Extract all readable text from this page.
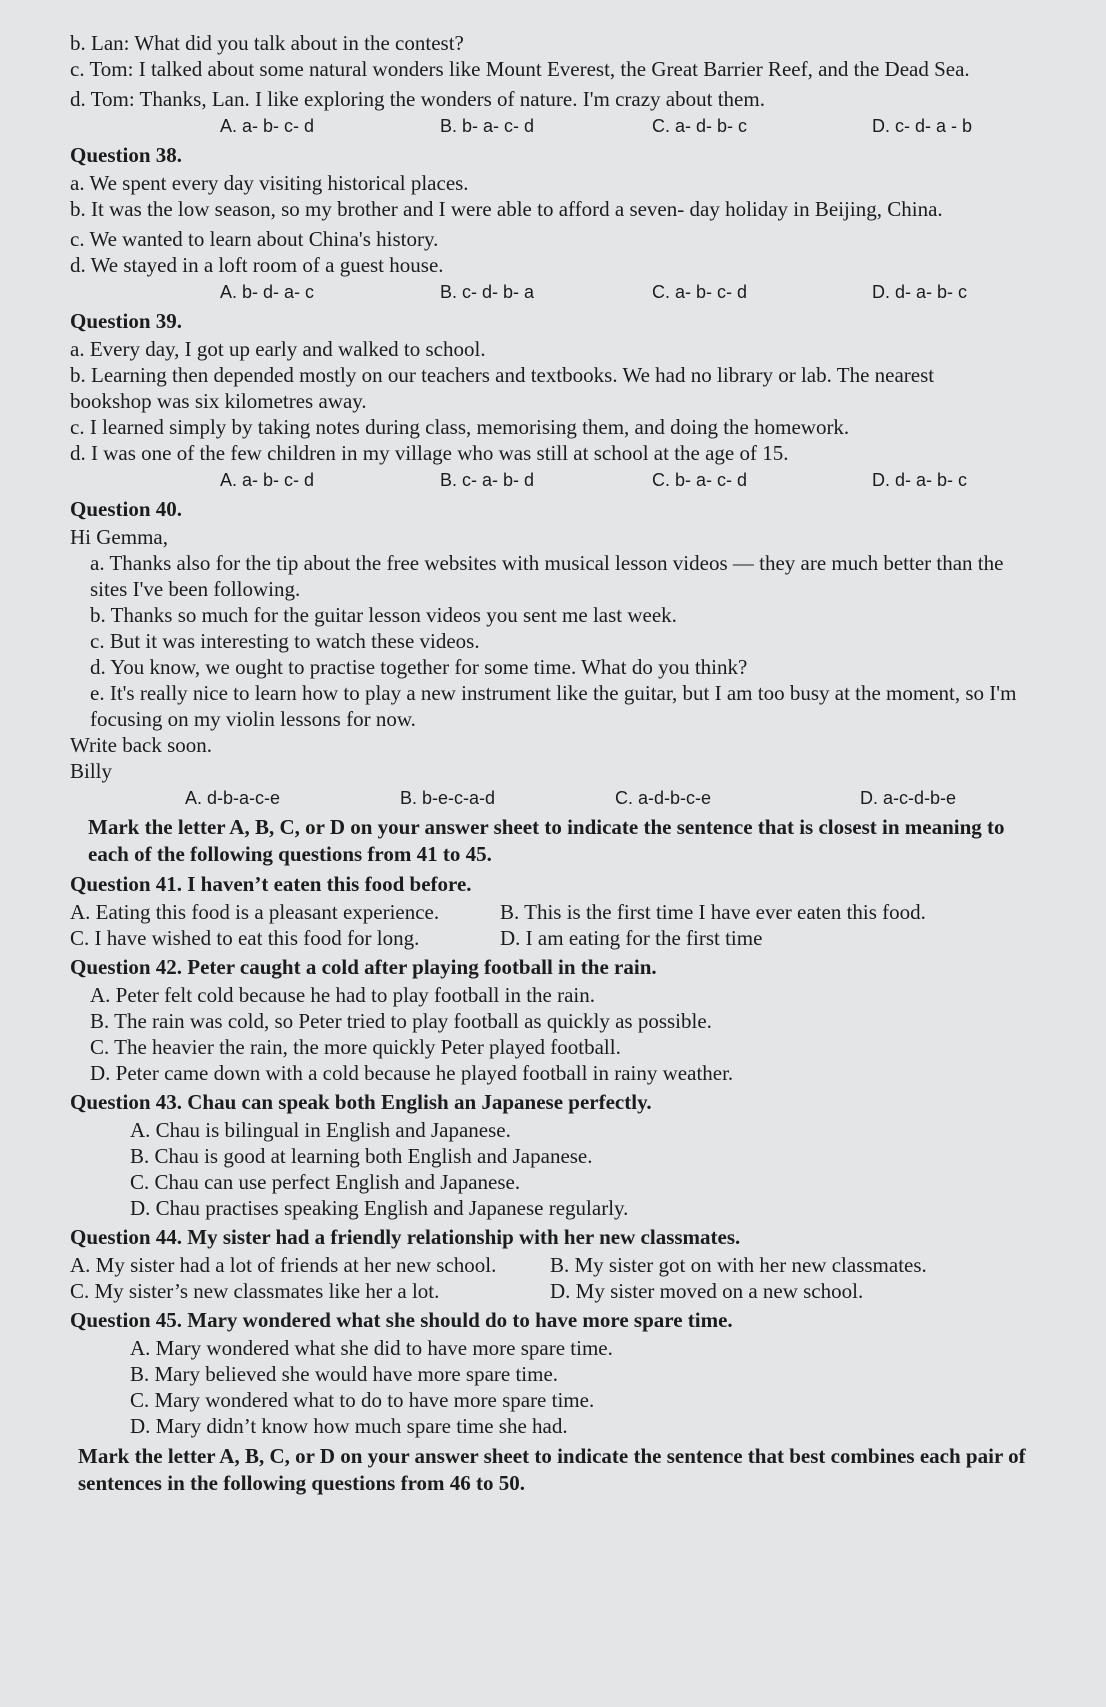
b. Lan: What did you talk about in the contest?

c. Tom: I talked about some natural wonders like Mount Everest, the Great Barrier Reef, and the Dead Sea.

d. Tom: Thanks, Lan. I like exploring the wonders of nature. I'm crazy about them.

A. a- b- c- d	B. b- a- c- d	C. a- d- b- c	D. c- d- a - b

Question 38.

a. We spent every day visiting historical places.

b. It was the low season, so my brother and I were able to afford a seven- day holiday in Beijing, China.

c. We wanted to learn about China's history.

d. We stayed in a loft room of a guest house.

A. b- d- a- c	B. c- d- b- a	C. a- b- c- d	D. d- a- b- c

Question 39.

a. Every day, I got up early and walked to school.

b. Learning then depended mostly on our teachers and textbooks. We had no library or lab. The nearest bookshop was six kilometres away.

c. I learned simply by taking notes during class, memorising them, and doing the homework.

d. I was one of the few children in my village who was still at school at the age of 15.

A. a- b- c- d	B. c- a- b- d	C. b- a- c- d	D. d- a- b- c

Question 40.

Hi Gemma,

a. Thanks also for the tip about the free websites with musical lesson videos — they are much better than the sites I've been following.

b. Thanks so much for the guitar lesson videos you sent me last week.

c. But it was interesting to watch these videos.

d. You know, we ought to practise together for some time. What do you think?

e. It's really nice to learn how to play a new instrument like the guitar, but I am too busy at the moment, so I'm focusing on my violin lessons for now.

Write back soon.

Billy

A. d-b-a-c-e	B. b-e-c-a-d	C. a-d-b-c-e	D. a-c-d-b-e

Mark the letter A, B, C, or D on your answer sheet to indicate the sentence that is closest in meaning to each of the following questions from 41 to 45.

Question 41. I haven’t eaten this food before.

A. Eating this food is a pleasant experience.	B. This is the first time I have ever eaten this food.
C. I have wished to eat this food for long.	D. I am eating for the first time

Question 42. Peter caught a cold after playing football in the rain.

A. Peter felt cold because he had to play football in the rain.

B. The rain was cold, so Peter tried to play football as quickly as possible.

C. The heavier the rain, the more quickly Peter played football.

D. Peter came down with a cold because he played football in rainy weather.

Question 43. Chau can speak both English an Japanese perfectly.

A. Chau is bilingual in English and Japanese.

B. Chau is good at learning both English and Japanese.

C. Chau can use perfect English and Japanese.

D. Chau practises speaking English and Japanese regularly.

Question 44. My sister had a friendly relationship with her new classmates.

A. My sister had a lot of friends at her new school.	B. My sister got on with her new classmates.
C. My sister’s new classmates like her a lot.	D. My sister moved on a new school.

Question 45. Mary wondered what she should do to have more spare time.

A. Mary wondered what she did to have more spare time.

B. Mary believed she would have more spare time.

C. Mary wondered what to do to have more spare time.

D. Mary didn’t know how much spare time she had.

Mark the letter A, B, C, or D on your answer sheet to indicate the sentence that best combines each pair of sentences in the following questions from 46 to 50.
